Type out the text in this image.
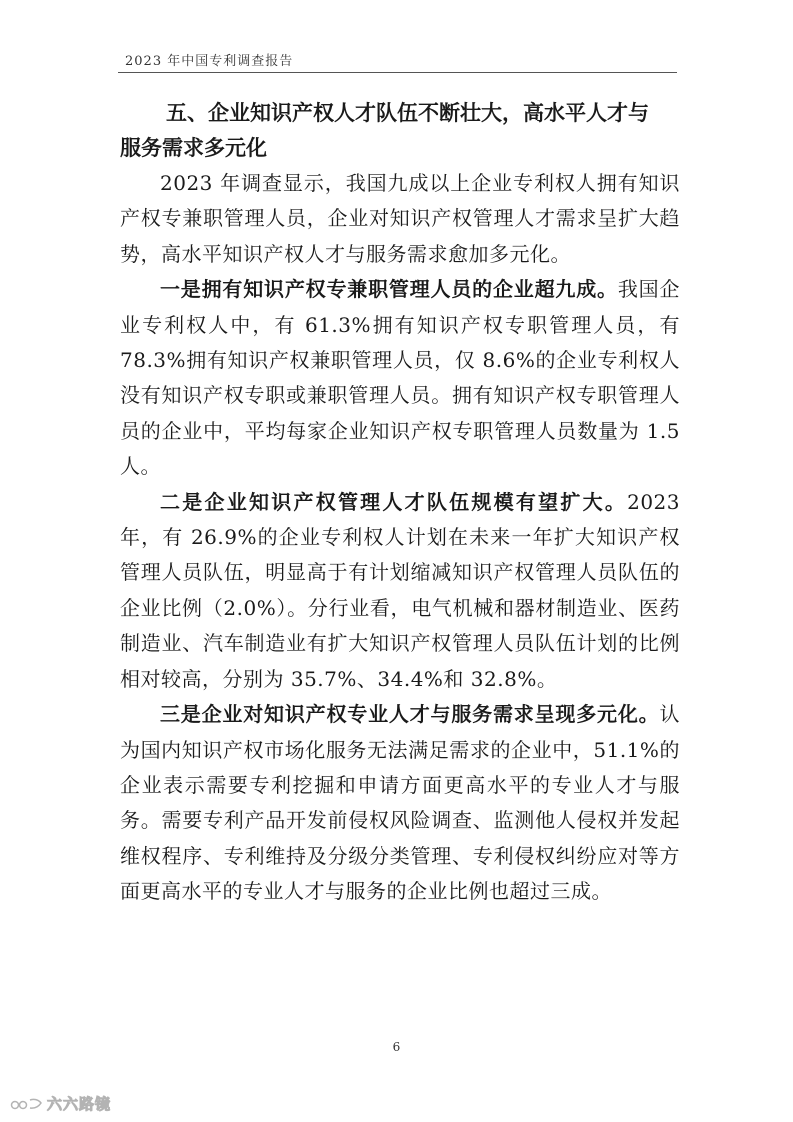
2023 年中国专利调查报告
五、企业知识产权人才队伍不断壮大，高水平人才与
服务需求多元化

2023 年调查显示，我国九成以上企业专利权人拥有知识产权专兼职管理人员，企业对知识产权管理人才需求呈扩大趋势，高水平知识产权人才与服务需求愈加多元化。

一是拥有知识产权专兼职管理人员的企业超九成。我国企业专利权人中，有 61.3%拥有知识产权专职管理人员，有 78.3%拥有知识产权兼职管理人员，仅 8.6%的企业专利权人没有知识产权专职或兼职管理人员。拥有知识产权专职管理人员的企业中，平均每家企业知识产权专职管理人员数量为 1.5 人。

二是企业知识产权管理人才队伍规模有望扩大。2023 年，有 26.9%的企业专利权人计划在未来一年扩大知识产权管理人员队伍，明显高于有计划缩减知识产权管理人员队伍的企业比例（2.0%）。分行业看，电气机械和器材制造业、医药制造业、汽车制造业有扩大知识产权管理人员队伍计划的比例相对较高，分别为 35.7%、34.4%和 32.8%。

三是企业对知识产权专业人才与服务需求呈现多元化。认为国内知识产权市场化服务无法满足需求的企业中，51.1%的企业表示需要专利挖掘和申请方面更高水平的专业人才与服务。需要专利产品开发前侵权风险调查、监测他人侵权并发起维权程序、专利维持及分级分类管理、专利侵权纠纷应对等方面更高水平的专业人才与服务的企业比例也超过三成。

6
六六路镜
